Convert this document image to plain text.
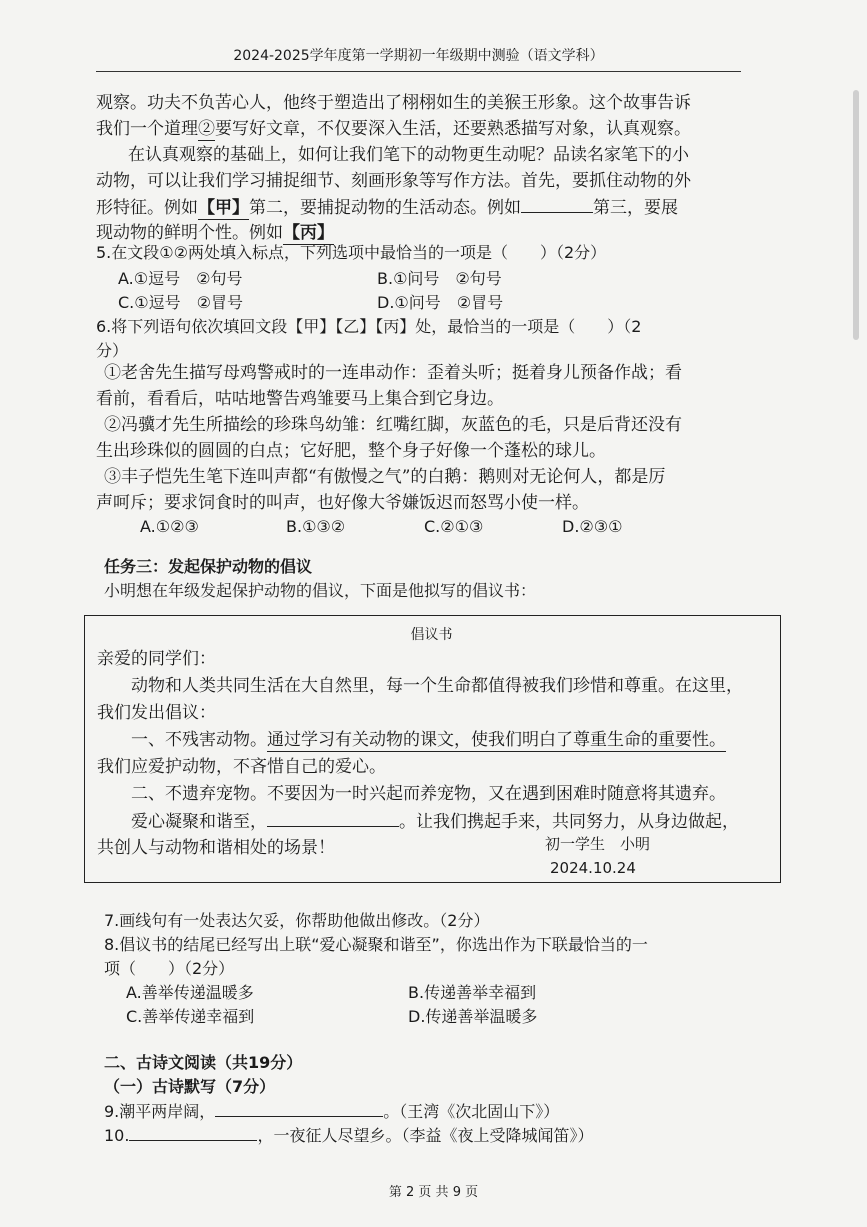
2024-2025学年度第一学期初一年级期中测验（语文学科）
观察。功夫不负苦心人，他终于塑造出了栩栩如生的美猴王形象。这个故事告诉
我们一个道理②要写好文章，不仅要深入生活，还要熟悉描写对象，认真观察。
在认真观察的基础上，如何让我们笔下的动物更生动呢？品读名家笔下的小
动物，可以让我们学习捕捉细节、刻画形象等写作方法。首先，要抓住动物的外
形特征。例如【甲】第二，要捕捉动物的生活动态。例如	第三，要展
现动物的鲜明个性。例如【丙】
5.在文段①②两处填入标点，下列选项中最恰当的一项是（　　）（2分）
A.①逗号　②句号	B.①问号　②句号
C.①逗号　②冒号	D.①问号　②冒号
6.将下列语句依次填回文段【甲】【乙】【丙】处，最恰当的一项是（　　）（2
分）
①老舍先生描写母鸡警戒时的一连串动作：歪着头听；挺着身儿预备作战；看
看前，看看后，咕咕地警告鸡雏要马上集合到它身边。
②冯骥才先生所描绘的珍珠鸟幼雏：红嘴红脚，灰蓝色的毛，只是后背还没有
生出珍珠似的圆圆的白点；它好肥，整个身子好像一个蓬松的球儿。
③丰子恺先生笔下连叫声都“有傲慢之气”的白鹅：鹅则对无论何人，都是厉
声呵斥；要求饲食时的叫声，也好像大爷嫌饭迟而怒骂小使一样。
A.①②③	B.①③②	C.②①③	D.②③①
任务三：发起保护动物的倡议
小明想在年级发起保护动物的倡议，下面是他拟写的倡议书：
倡议书
亲爱的同学们：
动物和人类共同生活在大自然里，每一个生命都值得被我们珍惜和尊重。在这里，
我们发出倡议：
一、不残害动物。通过学习有关动物的课文，使我们明白了尊重生命的重要性。
我们应爱护动物，不吝惜自己的爱心。
二、不遗弃宠物。不要因为一时兴起而养宠物，又在遇到困难时随意将其遗弃。
爱心凝聚和谐至，	。让我们携起手来，共同努力，从身边做起，
共创人与动物和谐相处的场景！	初一学生　小明
2024.10.24
7.画线句有一处表达欠妥，你帮助他做出修改。（2分）
8.倡议书的结尾已经写出上联“爱心凝聚和谐至”，你选出作为下联最恰当的一
项（　　）（2分）
A.善举传递温暖多	B.传递善举幸福到
C.善举传递幸福到	D.传递善举温暖多
二、古诗文阅读（共19分）
（一）古诗默写（7分）
9.潮平两岸阔，	。（王湾《次北固山下》）
10.	，一夜征人尽望乡。（李益《夜上受降城闻笛》）
第 2 页 共 9 页
